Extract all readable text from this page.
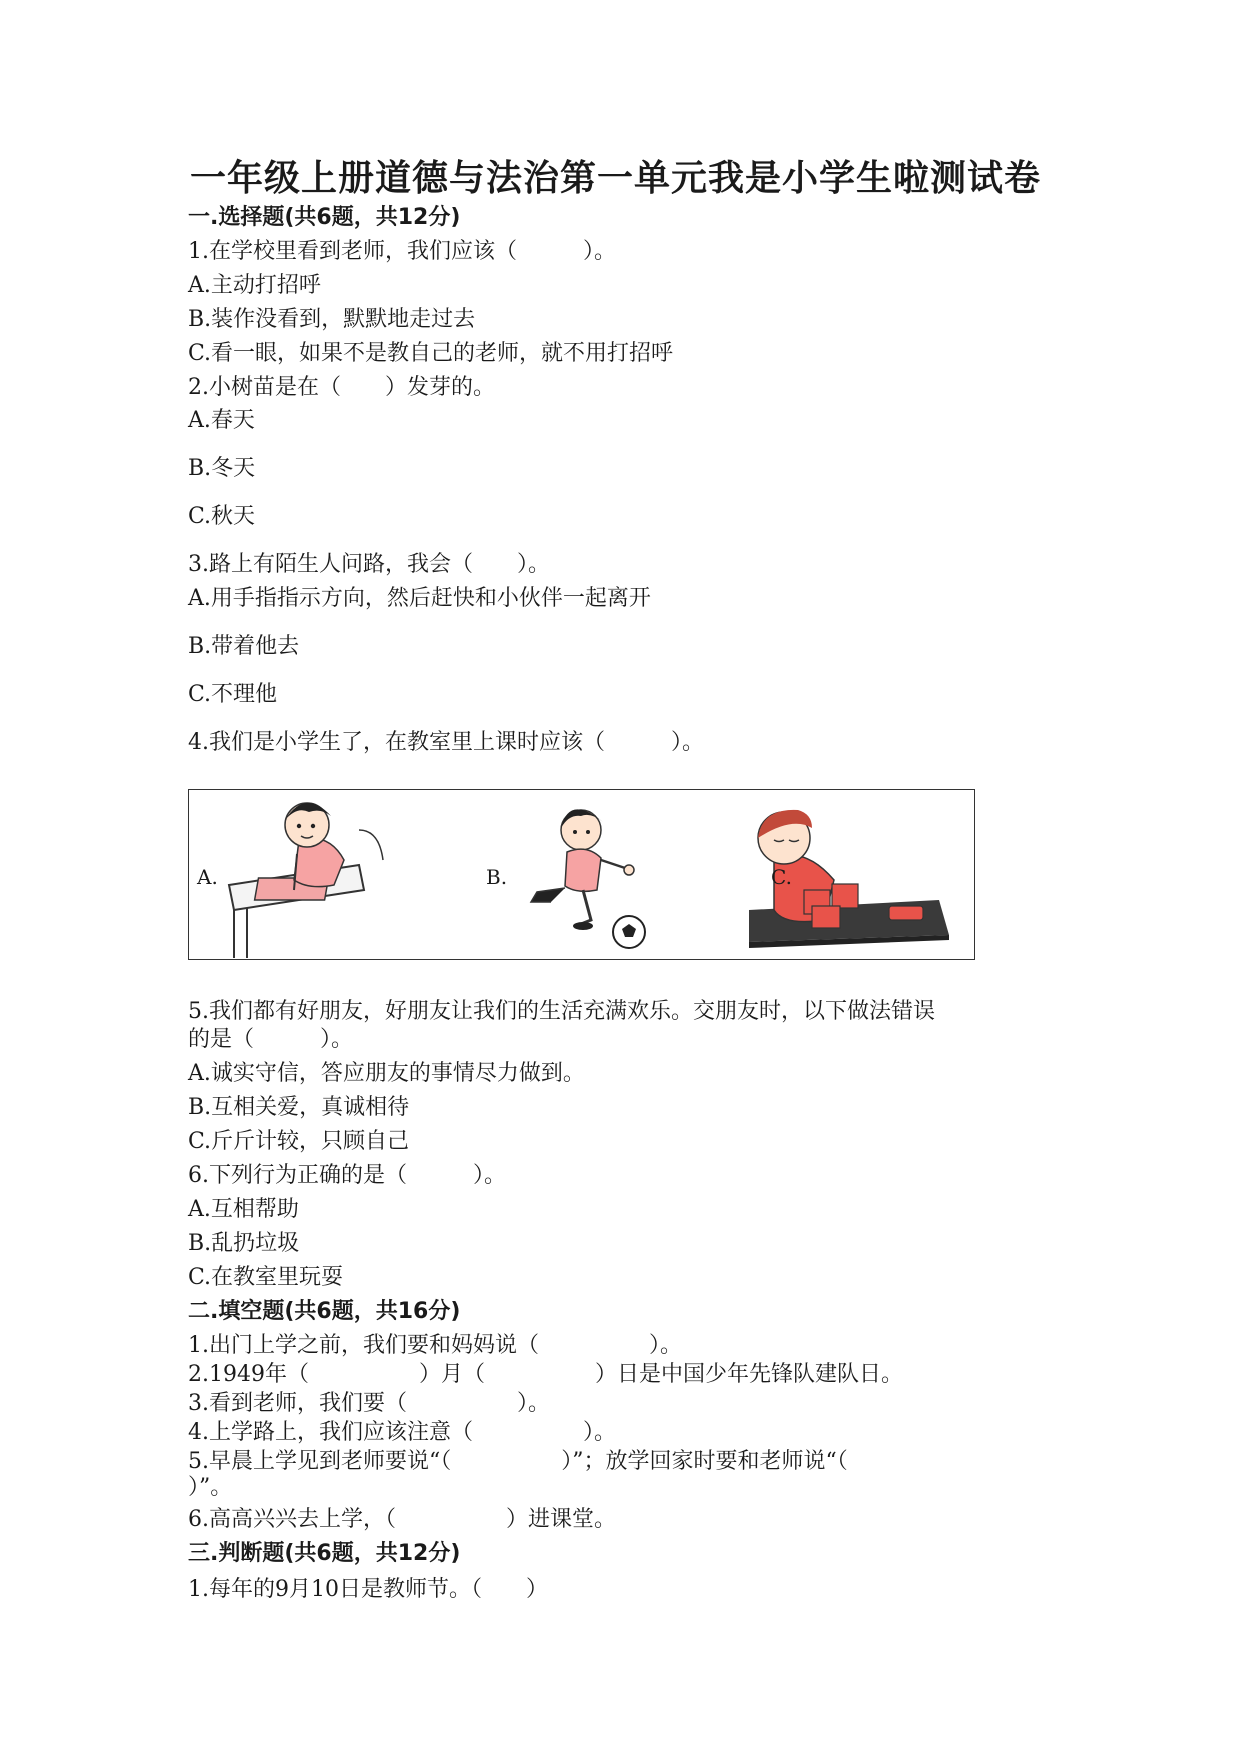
一年级上册道德与法治第一单元我是小学生啦测试卷
一.选择题(共6题，共12分)
1.在学校里看到老师，我们应该（　　　）。
A.主动打招呼
B.装作没看到，默默地走过去
C.看一眼，如果不是教自己的老师，就不用打招呼
2.小树苗是在（　　）发芽的。
A.春天
B.冬天
C.秋天
3.路上有陌生人问路，我会（　　）。
A.用手指指示方向，然后赶快和小伙伴一起离开
B.带着他去
C.不理他
4.我们是小学生了，在教室里上课时应该（　　　）。
A.	B.	C.
5.我们都有好朋友，好朋友让我们的生活充满欢乐。交朋友时，以下做法错误
的是（　　　）。
A.诚实守信，答应朋友的事情尽力做到。
B.互相关爱，真诚相待
C.斤斤计较，只顾自己
6.下列行为正确的是（　　　）。
A.互相帮助
B.乱扔垃圾
C.在教室里玩耍
二.填空题(共6题，共16分)
1.出门上学之前，我们要和妈妈说（　　　　　）。
2.1949年（　　　　　）月（　　　　　）日是中国少年先锋队建队日。
3.看到老师，我们要（　　　　　）。
4.上学路上，我们应该注意（　　　　　）。
5.早晨上学见到老师要说“（　　　　　）”；放学回家时要和老师说“（
）”。
6.高高兴兴去上学，（　　　　　）进课堂。
三.判断题(共6题，共12分)
1.每年的9月10日是教师节。（　　）
